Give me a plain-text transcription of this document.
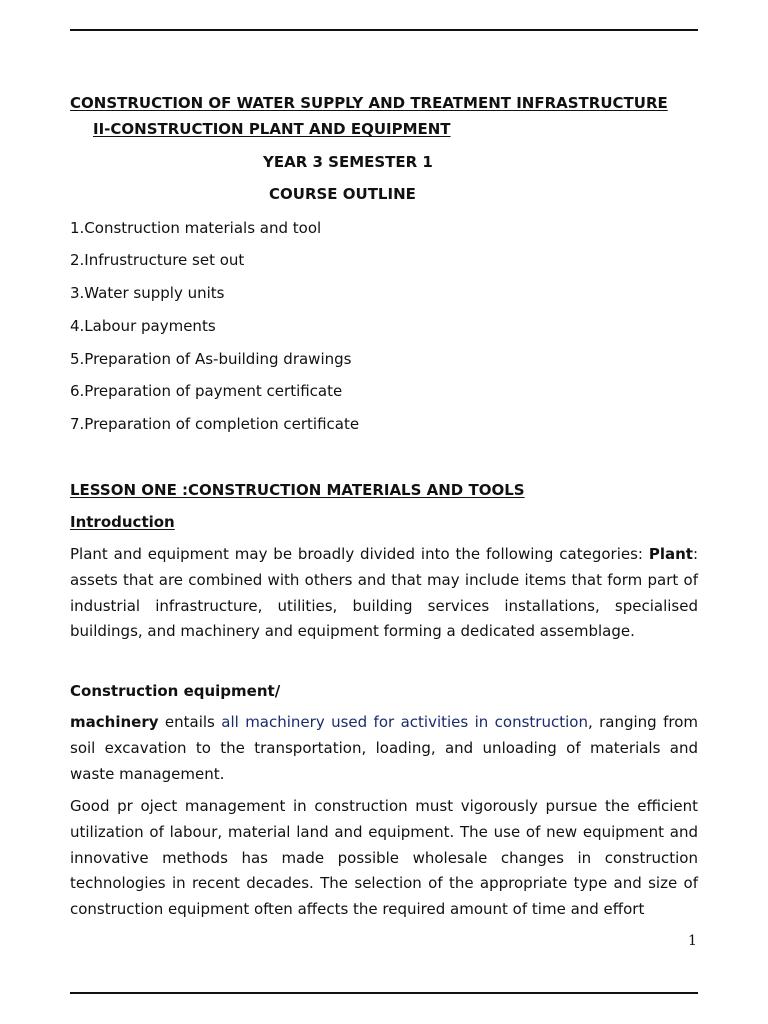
CONSTRUCTION OF WATER SUPPLY AND TREATMENT INFRASTRUCTURE
II-CONSTRUCTION PLANT AND EQUIPMENT
YEAR 3 SEMESTER 1
COURSE OUTLINE
1.Construction materials and tool
2.Infrustructure set out
3.Water supply units
4.Labour payments
5.Preparation of As-building drawings
6.Preparation of payment certificate
7.Preparation of completion certificate
LESSON ONE :CONSTRUCTION MATERIALS AND TOOLS
Introduction

Plant and equipment may be broadly divided into the following categories: Plant: assets that are combined with others and that may include items that form part of industrial infrastructure, utilities, building services installations, specialised buildings, and machinery and equipment forming a dedicated assemblage.

Construction equipment/

machinery entails all machinery used for activities in construction, ranging from soil excavation to the transportation, loading, and unloading of materials and waste management.

Good pr oject management in construction must vigorously pursue the efficient utilization of labour, material land and equipment. The use of new equipment and innovative methods has made possible wholesale changes in construction technologies in recent decades. The selection of the appropriate type and size of construction equipment often affects the required amount of time and effort

1
